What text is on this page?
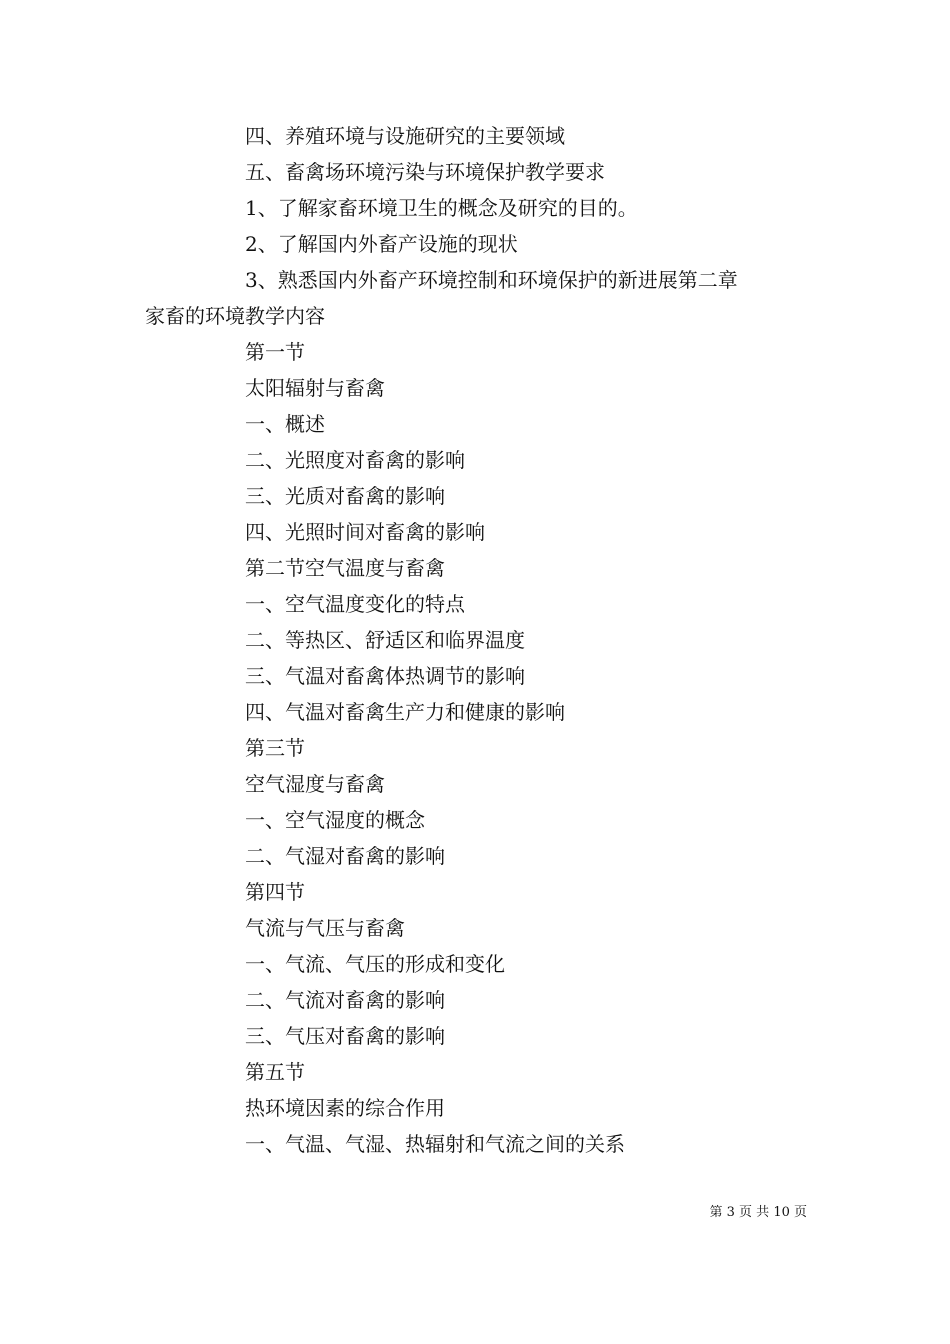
四、养殖环境与设施研究的主要领域
五、畜禽场环境污染与环境保护教学要求
1、了解家畜环境卫生的概念及研究的目的。
2、了解国内外畜产设施的现状
3、熟悉国内外畜产环境控制和环境保护的新进展第二章
家畜的环境教学内容
第一节
太阳辐射与畜禽
一、概述
二、光照度对畜禽的影响
三、光质对畜禽的影响
四、光照时间对畜禽的影响
第二节空气温度与畜禽
一、空气温度变化的特点
二、等热区、舒适区和临界温度
三、气温对畜禽体热调节的影响
四、气温对畜禽生产力和健康的影响
第三节
空气湿度与畜禽
一、空气湿度的概念
二、气湿对畜禽的影响
第四节
气流与气压与畜禽
一、气流、气压的形成和变化
二、气流对畜禽的影响
三、气压对畜禽的影响
第五节
热环境因素的综合作用
一、气温、气湿、热辐射和气流之间的关系
第 3 页 共 10 页
